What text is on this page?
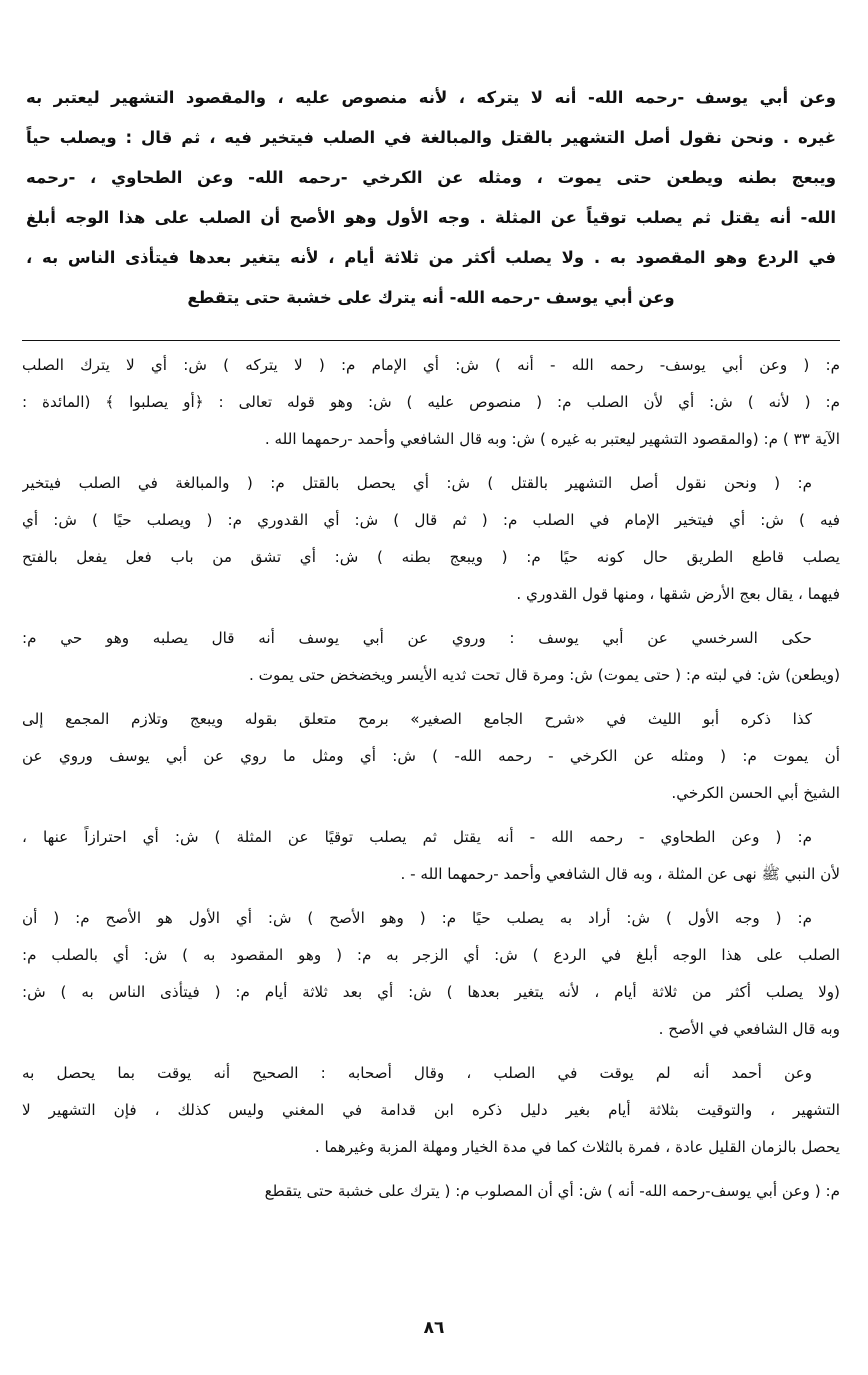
وعن أبي يوسف -رحمه الله- أنه لا يتركه ، لأنه منصوص عليه ، والمقصود التشهير ليعتبر به
غيره . ونحن نقول أصل التشهير بالقتل والمبالغة في الصلب فيتخير فيه ، ثم قال : ويصلب حياً
ويبعج بطنه ويطعن حتى يموت ، ومثله عن الكرخي -رحمه الله- وعن الطحاوي ، -رحمه
الله- أنه يقتل ثم يصلب توقياً عن المثلة . وجه الأول وهو الأصح أن الصلب على هذا الوجه أبلغ
في الردع وهو المقصود به . ولا يصلب أكثر من ثلاثة أيام ، لأنه يتغير بعدها فيتأذى الناس به ،
وعن أبي يوسف -رحمه الله- أنه يترك على خشبة حتى يتقطع

م: ( وعن أبي يوسف- رحمه الله - أنه ) ش: أي الإمام م: ( لا يتركه ) ش: أي لا يترك الصلب
م: ( لأنه ) ش: أي لأن الصلب م: ( منصوص عليه ) ش: وهو قوله تعالى : ﴿أو يصلبوا ﴾ (المائدة :
الآية ٣٣ ) م: (والمقصود التشهير ليعتبر به غيره ) ش: وبه قال الشافعي وأحمد -رحمهما الله .

م: ( ونحن نقول أصل التشهير بالقتل ) ش: أي يحصل بالقتل م: ( والمبالغة في الصلب فيتخير
فيه ) ش: أي فيتخير الإمام في الصلب م: ( ثم قال ) ش: أي القدوري م: ( ويصلب حيًا ) ش: أي
يصلب قاطع الطريق حال كونه حيًا م: ( ويبعج بطنه ) ش: أي تشق من باب فعل يفعل بالفتح
فيهما ، يقال بعج الأرض شقها ، ومنها قول القدوري .

حكى السرخسي عن أبي يوسف : وروي عن أبي يوسف أنه قال يصلبه وهو حي م:
(ويطعن) ش: في لبته م: ( حتى يموت) ش: ومرة قال تحت ثديه الأيسر ويخضخض حتى يموت .

كذا ذكره أبو الليث في «شرح الجامع الصغير» برمح متعلق بقوله ويبعج وتلازم المجمع إلى
أن يموت م: ( ومثله عن الكرخي - رحمه الله- ) ش: أي ومثل ما روي عن أبي يوسف وروي عن
الشيخ أبي الحسن الكرخي.

م: ( وعن الطحاوي - رحمه الله - أنه يقتل ثم يصلب توقيًا عن المثلة ) ش: أي احترازاً عنها ،
لأن النبي ﷺ نهى عن المثلة ، وبه قال الشافعي وأحمد -رحمهما الله - .

م: ( وجه الأول ) ش: أراد به يصلب حيًا م: ( وهو الأصح ) ش: أي الأول هو الأصح م: ( أن
الصلب على هذا الوجه أبلغ في الردع ) ش: أي الزجر به م: ( وهو المقصود به ) ش: أي بالصلب م:
(ولا يصلب أكثر من ثلاثة أيام ، لأنه يتغير بعدها ) ش: أي بعد ثلاثة أيام م: ( فيتأذى الناس به ) ش:
وبه قال الشافعي في الأصح .

وعن أحمد أنه لم يوقت في الصلب ، وقال أصحابه : الصحيح أنه يوقت بما يحصل به
التشهير ، والتوقيت بثلاثة أيام بغير دليل ذكره ابن قدامة في المغني وليس كذلك ، فإن التشهير لا
يحصل بالزمان القليل عادة ، فمرة بالثلاث كما في مدة الخيار ومهلة المزبة وغيرهما .

م: ( وعن أبي يوسف-رحمه الله- أنه ) ش: أي أن المصلوب م: ( يترك على خشبة حتى يتقطع

٨٦
